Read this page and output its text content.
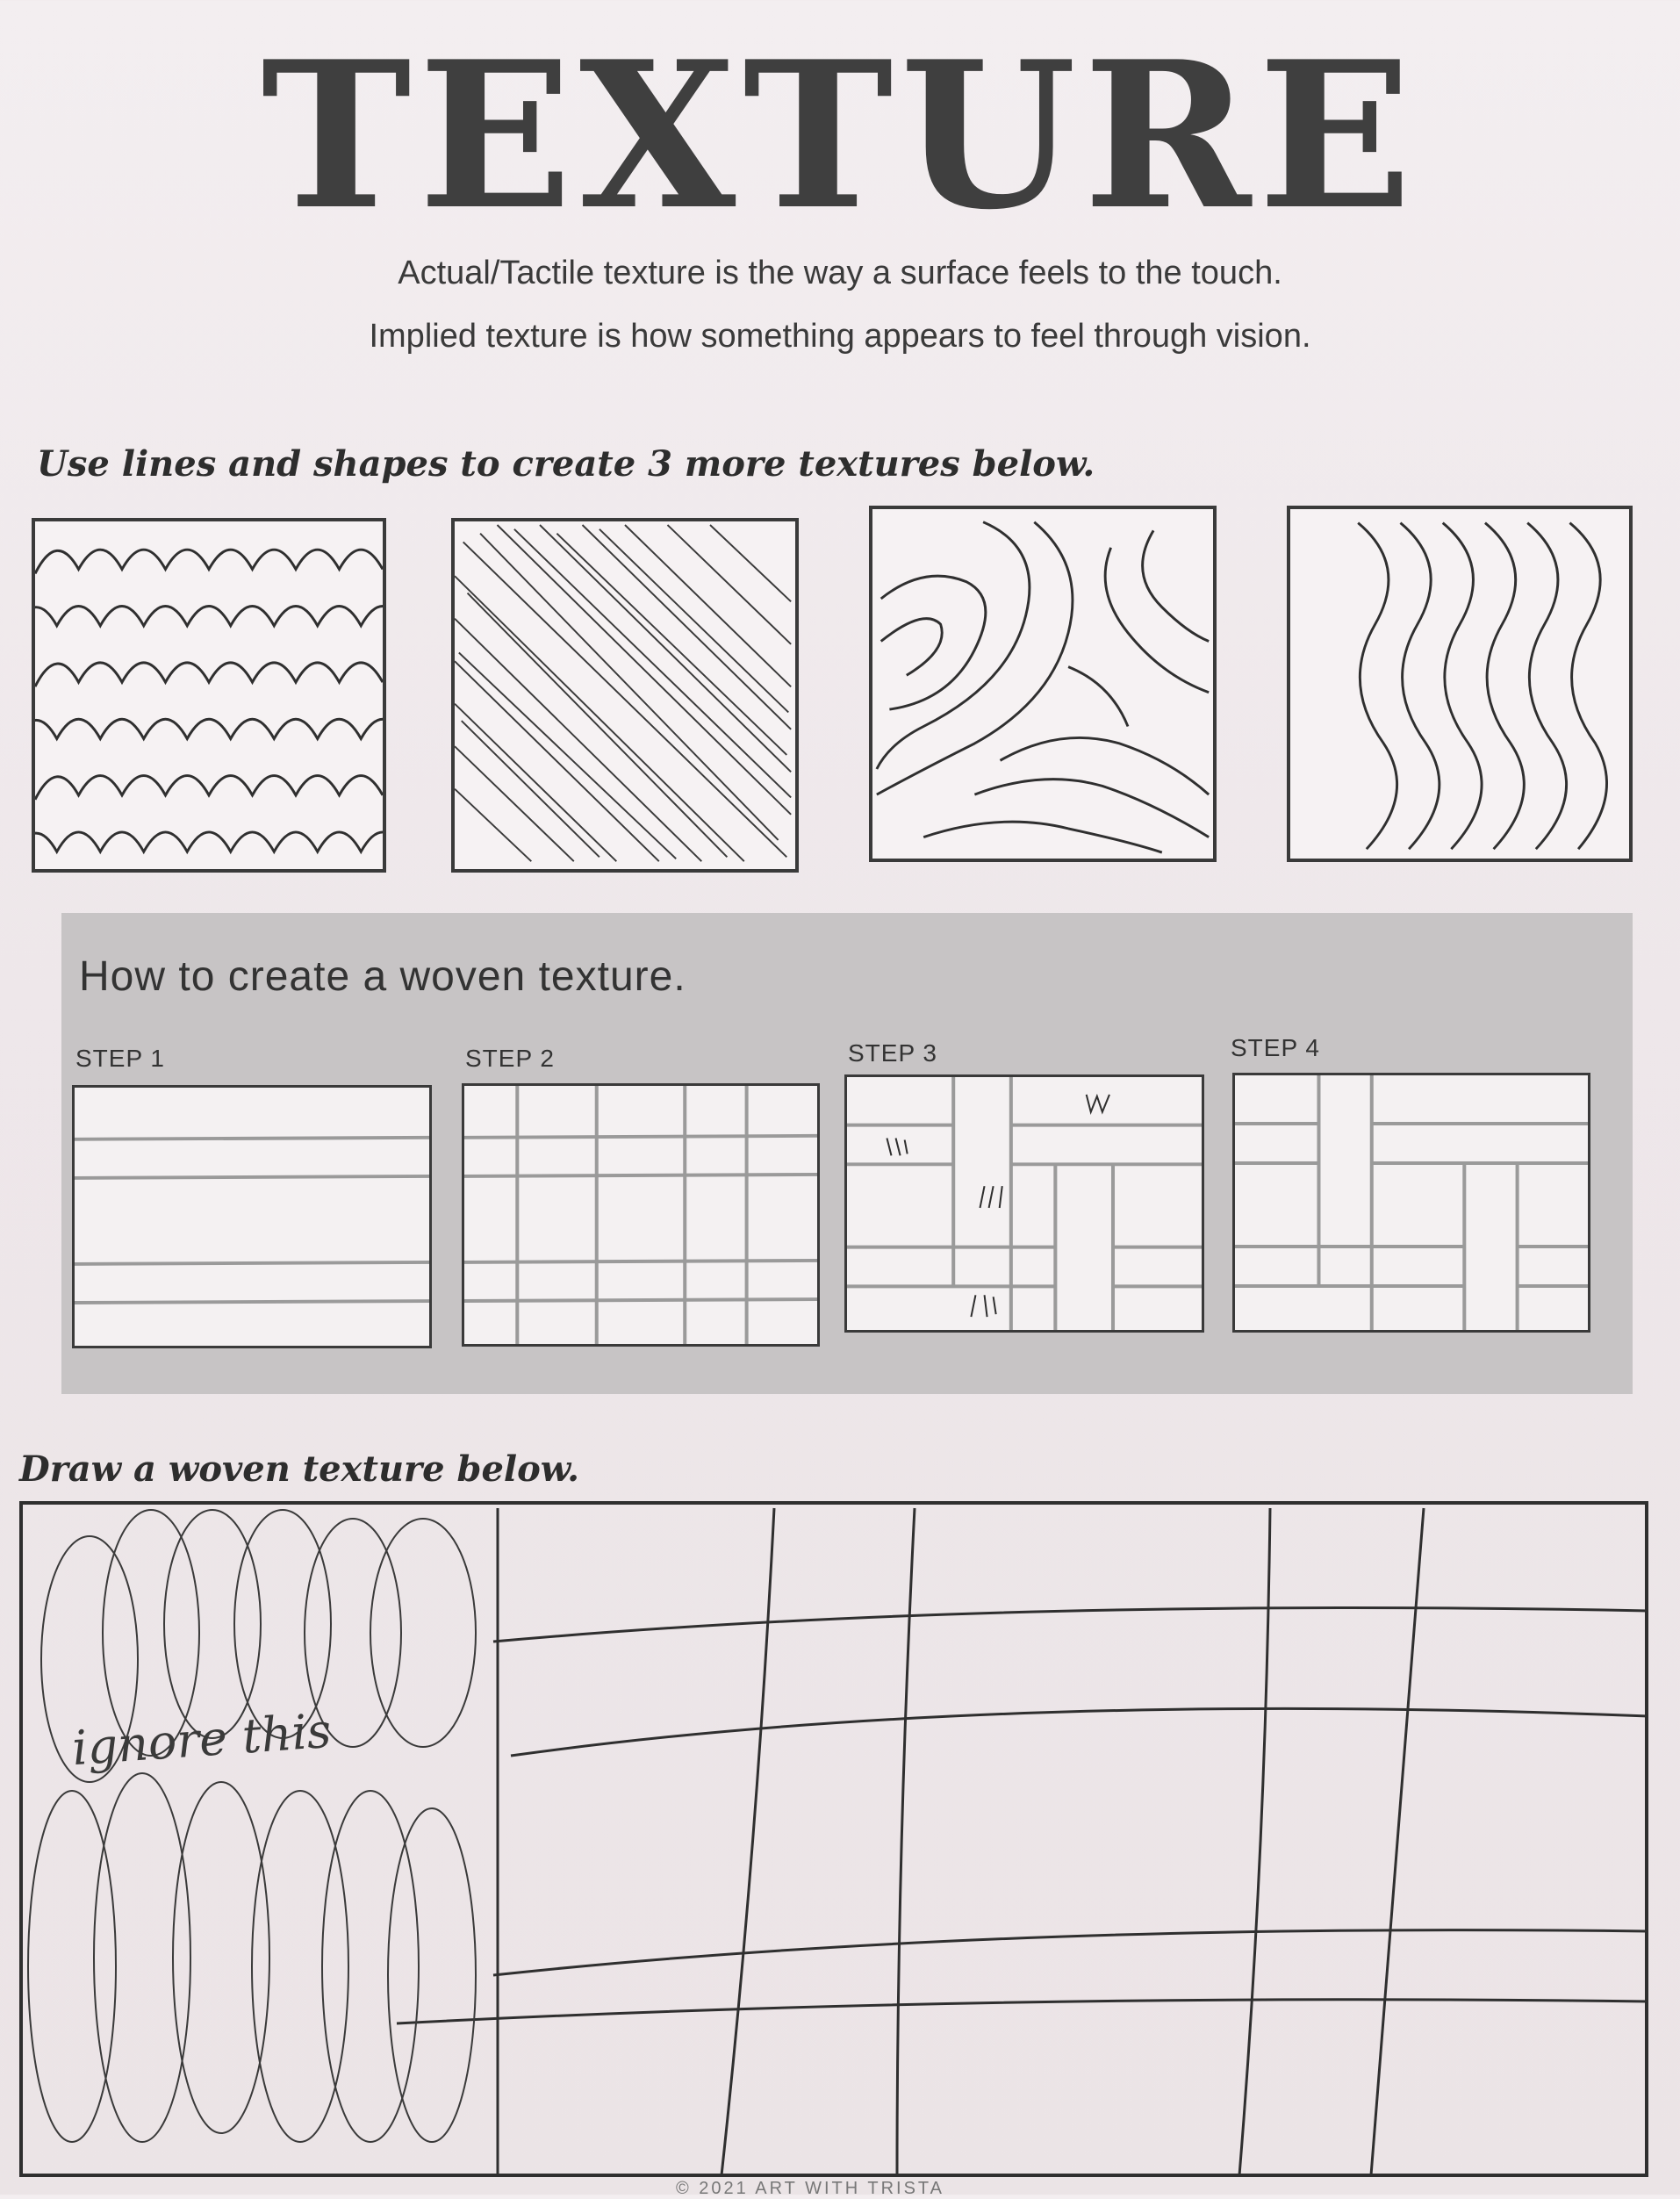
TEXTURE
Actual/Tactile texture is the way a surface feels to the touch.
Implied texture is how something appears to feel through vision.
Use lines and shapes to create 3 more textures below.
How to create a woven texture.
STEP 1	STEP 2	STEP 3	STEP 4
Draw a woven texture below.
ignore this
© 2021 ART WITH TRISTA
